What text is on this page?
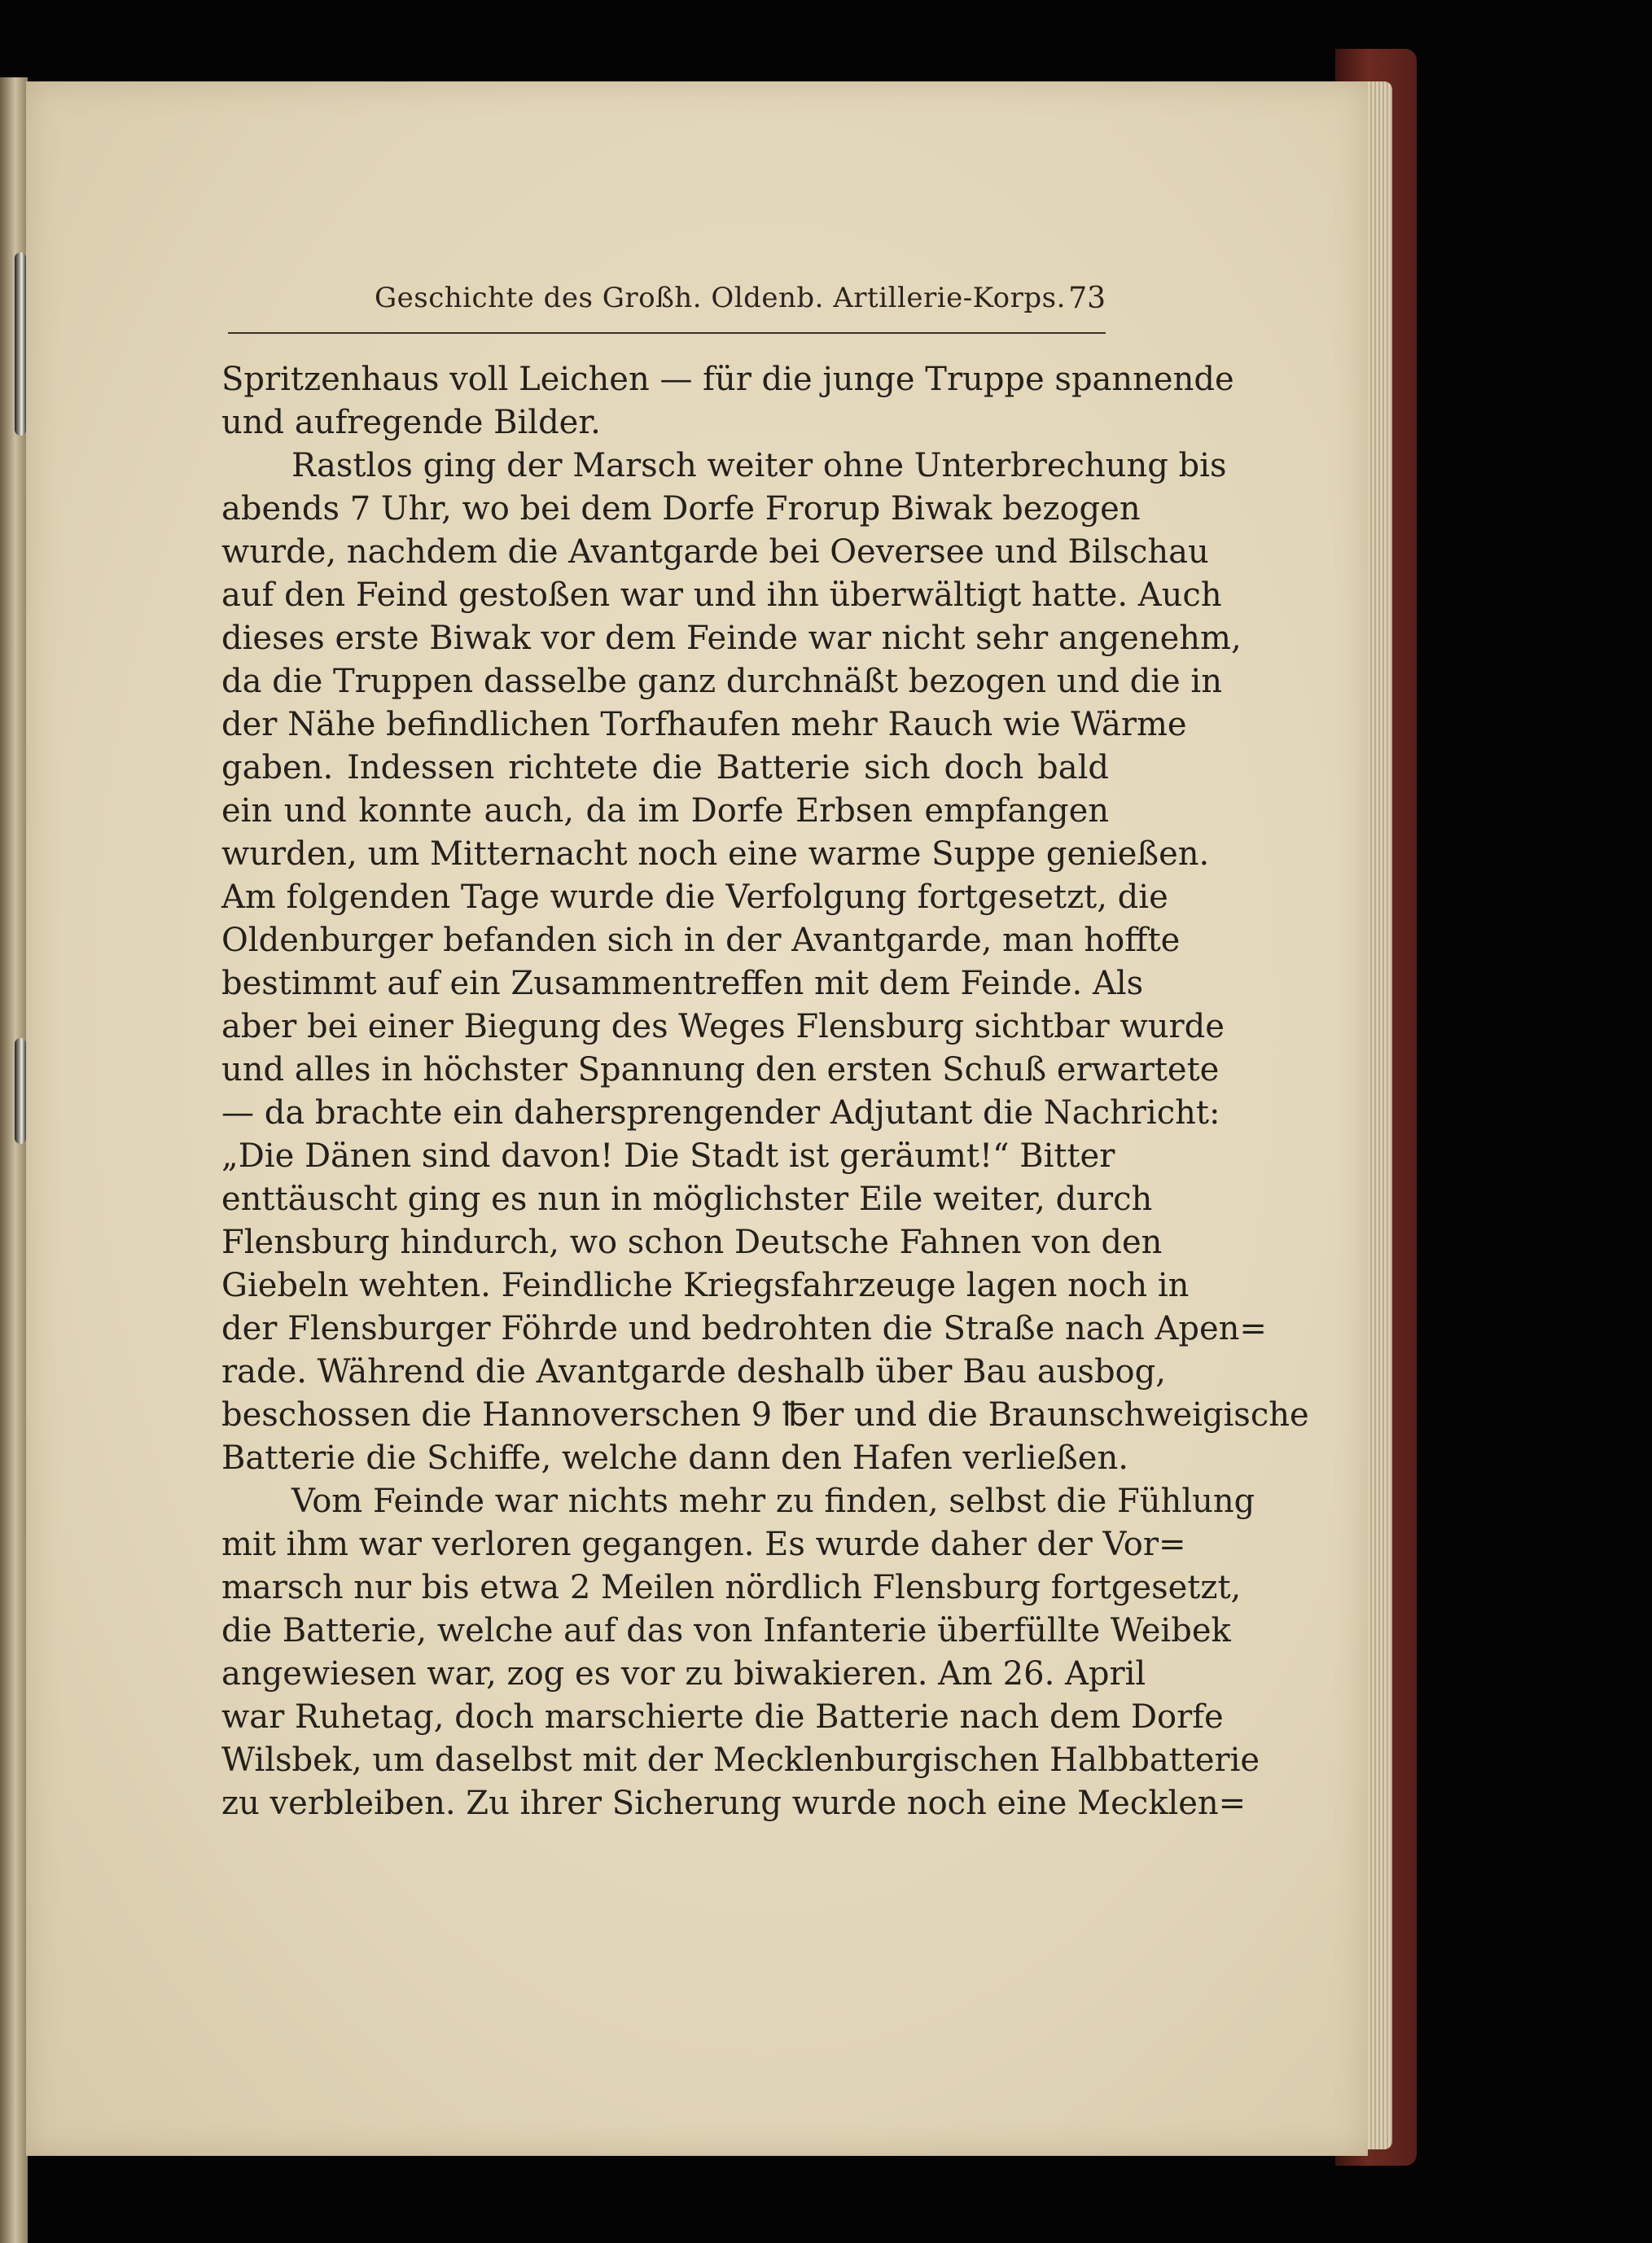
Geschichte des Großh. Oldenb. Artillerie-Korps. 73
Spritzenhaus voll Leichen — für die junge Truppe spannende
und aufregende Bilder.
Rastlos ging der Marsch weiter ohne Unterbrechung bis
abends 7 Uhr, wo bei dem Dorfe Frorup Biwak bezogen
wurde, nachdem die Avantgarde bei Oeversee und Bilschau
auf den Feind gestoßen war und ihn überwältigt hatte. Auch
dieses erste Biwak vor dem Feinde war nicht sehr angenehm,
da die Truppen dasselbe ganz durchnäßt bezogen und die in
der Nähe befindlichen Torfhaufen mehr Rauch wie Wärme
gaben. Indessen richtete die Batterie sich doch bald
ein und konnte auch, da im Dorfe Erbsen empfangen
wurden, um Mitternacht noch eine warme Suppe genießen.
Am folgenden Tage wurde die Verfolgung fortgesetzt, die
Oldenburger befanden sich in der Avantgarde, man hoffte
bestimmt auf ein Zusammentreffen mit dem Feinde. Als
aber bei einer Biegung des Weges Flensburg sichtbar wurde
und alles in höchster Spannung den ersten Schuß erwartete
— da brachte ein dahersprengender Adjutant die Nachricht:
„Die Dänen sind davon! Die Stadt ist geräumt!“ Bitter
enttäuscht ging es nun in möglichster Eile weiter, durch
Flensburg hindurch, wo schon Deutsche Fahnen von den
Giebeln wehten. Feindliche Kriegsfahrzeuge lagen noch in
der Flensburger Föhrde und bedrohten die Straße nach Apen=
rade. Während die Avantgarde deshalb über Bau ausbog,
beschossen die Hannoverschen 9 ℔er und die Braunschweigische
Batterie die Schiffe, welche dann den Hafen verließen.
Vom Feinde war nichts mehr zu finden, selbst die Fühlung
mit ihm war verloren gegangen. Es wurde daher der Vor=
marsch nur bis etwa 2 Meilen nördlich Flensburg fortgesetzt,
die Batterie, welche auf das von Infanterie überfüllte Weibek
angewiesen war, zog es vor zu biwakieren. Am 26. April
war Ruhetag, doch marschierte die Batterie nach dem Dorfe
Wilsbek, um daselbst mit der Mecklenburgischen Halbbatterie
zu verbleiben. Zu ihrer Sicherung wurde noch eine Mecklen=
